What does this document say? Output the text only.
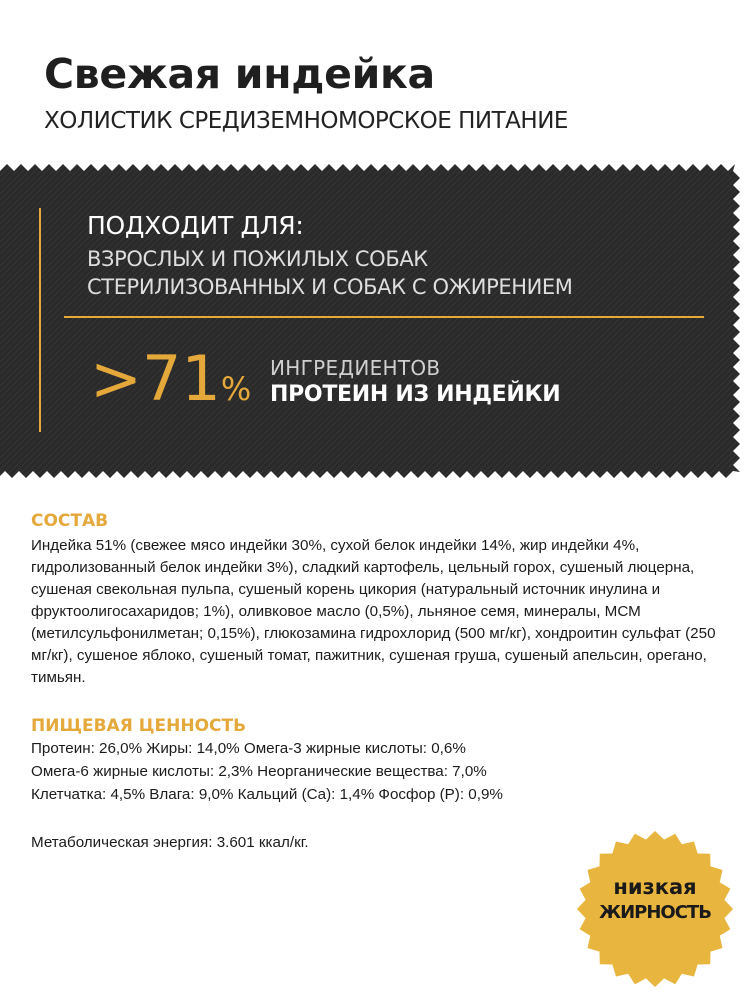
Свежая индейка
ХОЛИСТИК СРЕДИЗЕМНОМОРСКОЕ ПИТАНИЕ
ПОДХОДИТ ДЛЯ:
ВЗРОСЛЫХ И ПОЖИЛЫХ СОБАК
СТЕРИЛИЗОВАННЫХ И СОБАК С ОЖИРЕНИЕМ
>71%
ИНГРЕДИЕНТОВ
ПРОТЕИН ИЗ ИНДЕЙКИ
СОСТАВ

Индейка 51% (свежее мясо индейки 30%, сухой белок индейки 14%, жир индейки 4%, гидролизованный белок индейки 3%), сладкий картофель, цельный горох, сушеный люцерна, сушеная свекольная пульпа, сушеный корень цикория (натуральный источник инулина и фруктоолигосахаридов; 1%), оливковое масло (0,5%), льняное семя, минералы, МСМ (метилсульфонилметан; 0,15%), глюкозамина гидрохлорид (500 мг/кг), хондроитин сульфат (250 мг/кг), сушеное яблоко, сушеный томат, пажитник, сушеная груша, сушеный апельсин, орегано, тимьян.

ПИЩЕВАЯ ЦЕННОСТЬ
Протеин: 26,0% Жиры: 14,0% Омега-3 жирные кислоты: 0,6%
Омега-6 жирные кислоты: 2,3% Неорганические вещества: 7,0%
Клетчатка: 4,5% Влага: 9,0% Кальций (Ca): 1,4% Фосфор (P): 0,9%
Метаболическая энергия: 3.601 ккал/кг.
низкая
ЖИРНОСТЬ
